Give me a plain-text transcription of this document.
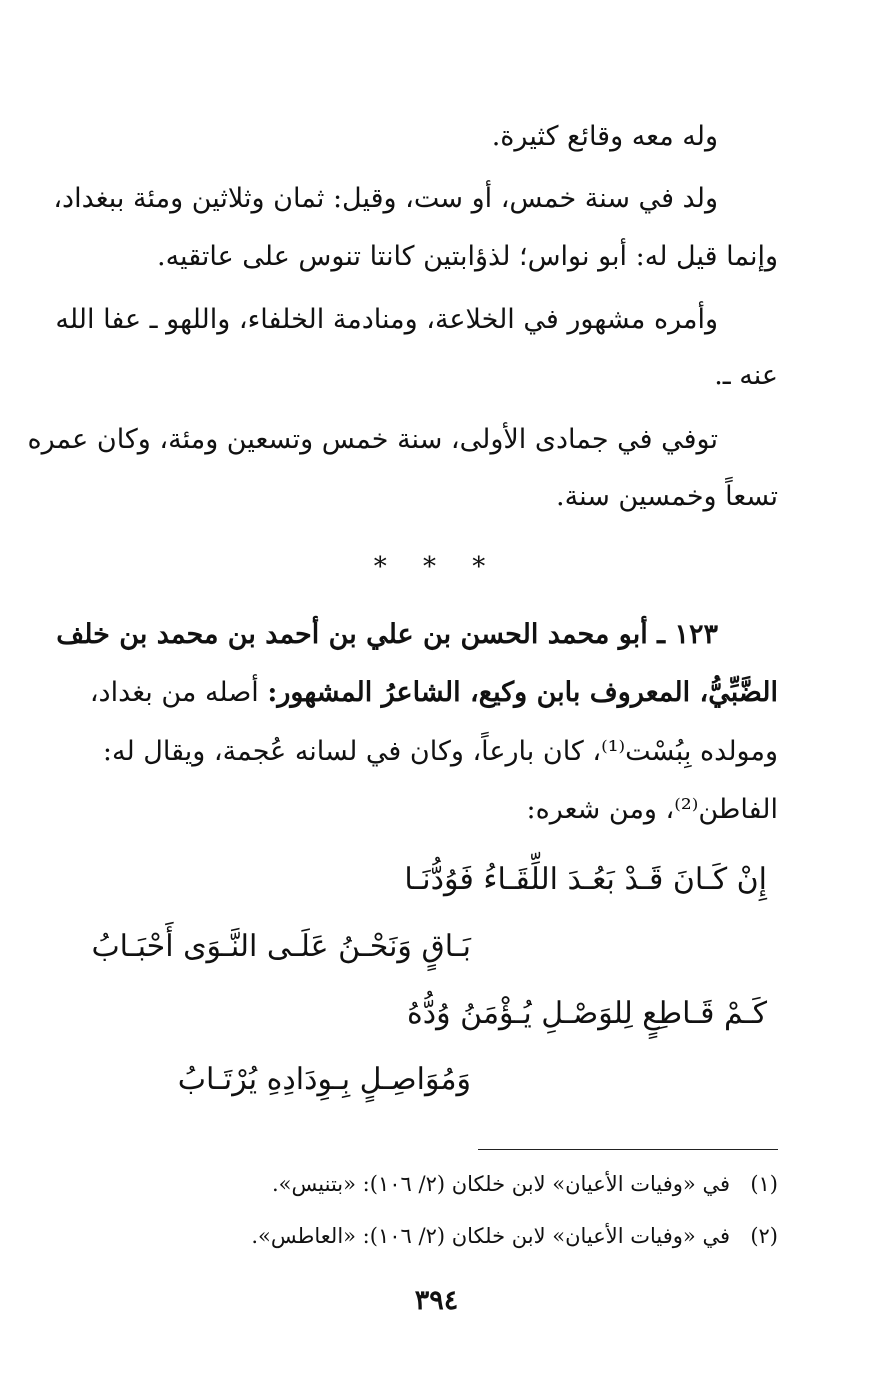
وله معه وقائع كثيرة.
ولد في سنة خمس، أو ست، وقيل: ثمان وثلاثين ومئة ببغداد،
وإنما قيل له: أبو نواس؛ لذؤابتين كانتا تنوس على عاتقيه.
وأمره مشهور في الخلاعة، ومنادمة الخلفاء، واللهو ـ عفا الله
عنه ـ.
توفي في جمادى الأولى، سنة خمس وتسعين ومئة، وكان عمره
تسعاً وخمسين سنة.
* * *
١٢٣ ـ أبو محمد الحسن بن علي بن أحمد بن محمد بن خلف
الضَّبِّيُّ، المعروف بابن وكيع، الشاعرُ المشهور: أصله من بغداد،
ومولده بِبُسْت⁽¹⁾، كان بارعاً، وكان في لسانه عُجمة، ويقال له:
الفاطن⁽²⁾، ومن شعره:
إِنْ كَـانَ قَـدْ بَعُـدَ اللِّقَـاءُ فَوُدُّنَـا
بَـاقٍ وَنَحْـنُ عَلَـى النَّـوَى أَحْبَـابُ
كَـمْ قَـاطِعٍ لِلوَصْـلِ يُـؤْمَنُ وُدُّهُ
وَمُوَاصِـلٍ بِـوِدَادِهِ يُرْتَـابُ
(١)في «وفيات الأعيان» لابن خلكان (٢/ ١٠٦): «بتنيس».
(٢)في «وفيات الأعيان» لابن خلكان (٢/ ١٠٦): «العاطس».
٣٩٤
